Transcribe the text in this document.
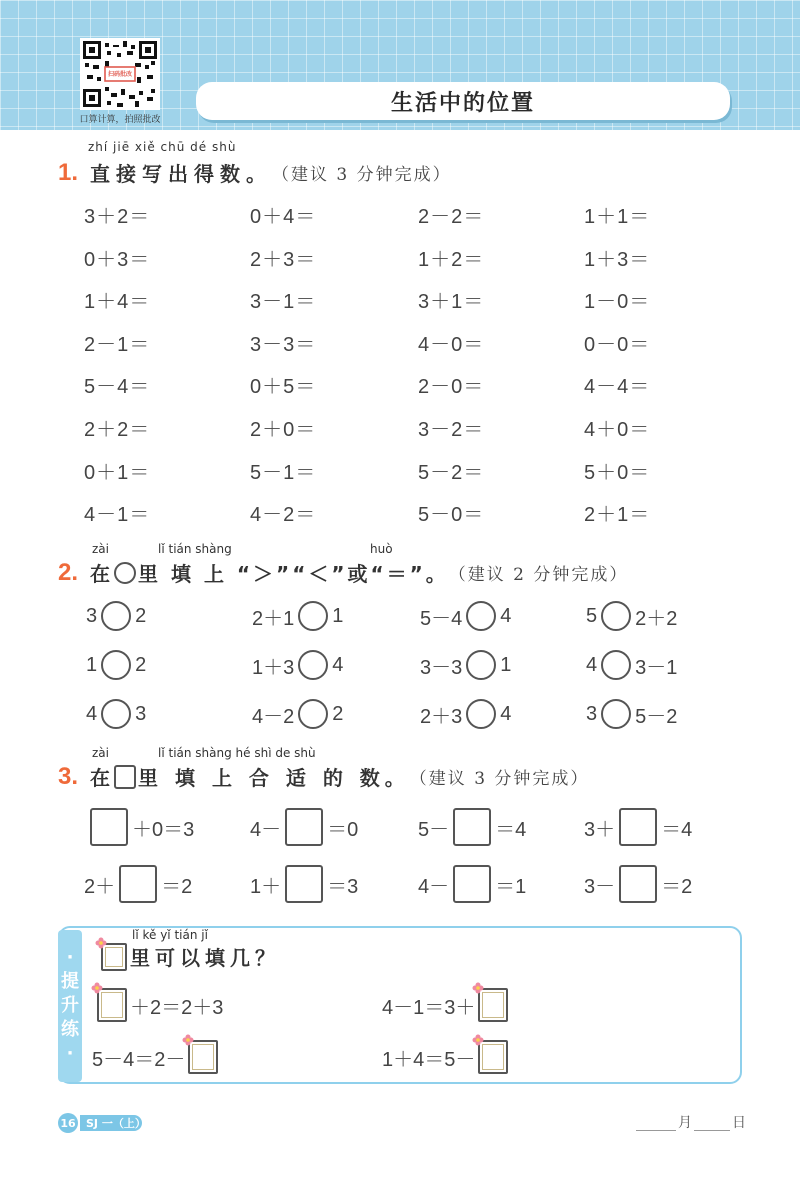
扫码批改
口算计算，拍照批改
生活中的位置
zhí jiē xiě chū dé shù
1. 直接写出得数。 （建议 3 分钟完成）
3＋2＝	0＋4＝	2－2＝	1＋1＝
0＋3＝	2＋3＝	1＋2＝	1＋3＝
1＋4＝	3－1＝	3＋1＝	1－0＝
2－1＝	3－3＝	4－0＝	0－0＝
5－4＝	0＋5＝	2－0＝	4－4＝
2＋2＝	2＋0＝	3－2＝	4＋0＝
0＋1＝	5－1＝	5－2＝	5＋0＝
4－1＝	4－2＝	5－0＝	2＋1＝
zài	lǐ tián shàng	huò
2. 在 里 填 上 “＞”“＜”或“＝”。 （建议 2 分钟完成）
3 2	2＋1 1	5－4 4	5 2＋2
1 2	1＋3 4	3－3 1	4 3－1
4 3	4－2 2	2＋3 4	3 5－2
zài	lǐ tián shàng hé shì de shù
3. 在 里 填 上 合 适 的 数。 （建议 3 分钟完成）
＋0＝3	4－ ＝0	5－ ＝4	3＋ ＝4
2＋ ＝2	1＋ ＝3	4－ ＝1	3－ ＝2
·
提
升
练
·
lǐ kě yǐ tián jǐ
里可以填几？
＋2＝2＋3	4－1＝3＋
5－4＝2－	1＋4＝5－
16 SJ 一（上）	月	日
